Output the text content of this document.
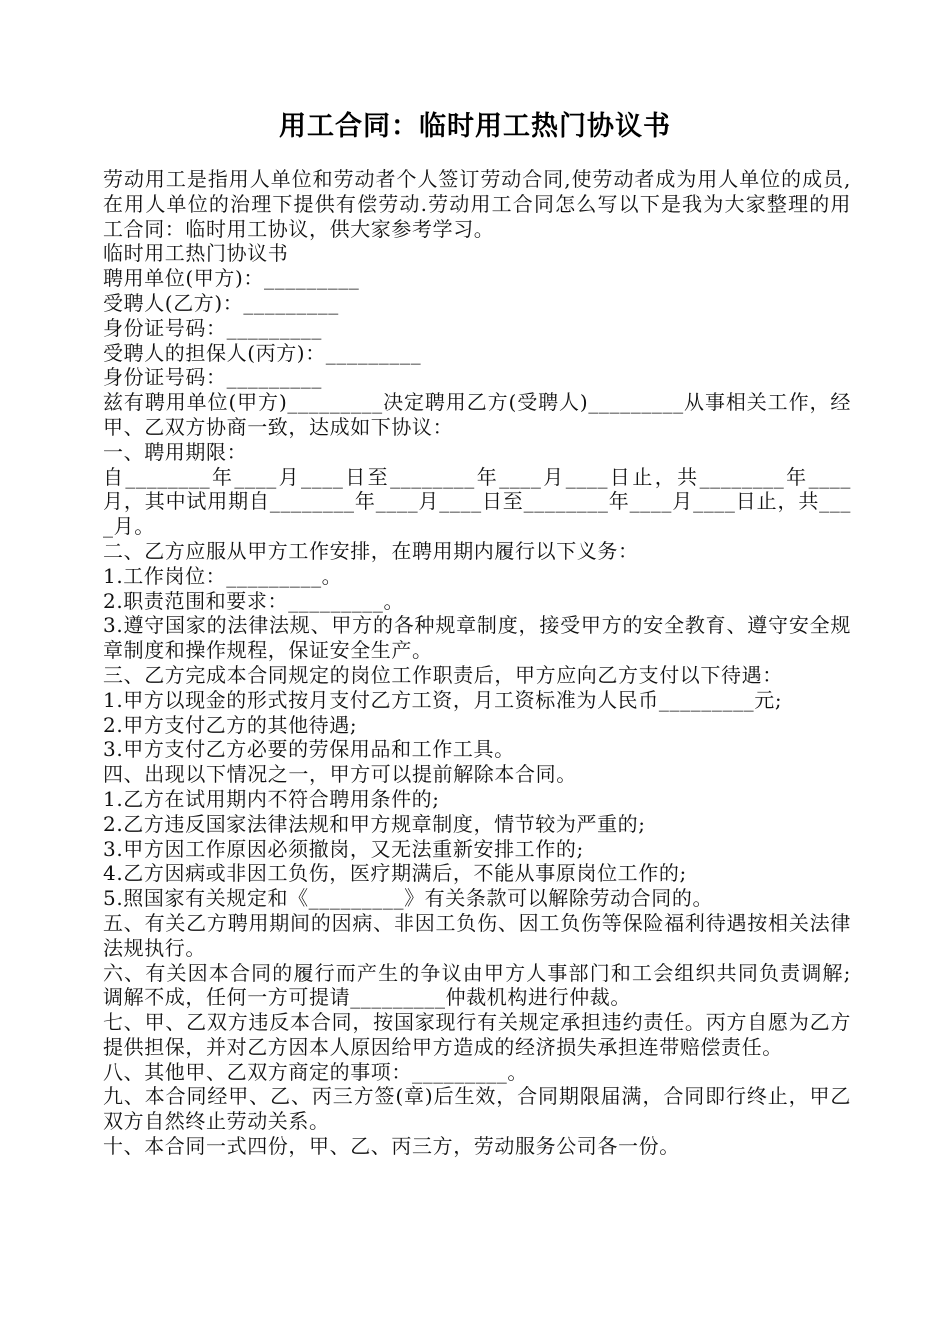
用工合同：临时用工热门协议书

劳动用工是指用人单位和劳动者个人签订劳动合同,使劳动者成为用人单位的成员,在用人单位的治理下提供有偿劳动.劳动用工合同怎么写以下是我为大家整理的用工合同：临时用工协议，供大家参考学习。

临时用工热门协议书

聘用单位(甲方)：_________

受聘人(乙方)：_________

身份证号码：_________

受聘人的担保人(丙方)：_________

身份证号码：_________

兹有聘用单位(甲方)_________决定聘用乙方(受聘人)_________从事相关工作，经甲、乙双方协商一致，达成如下协议：

一、聘用期限：

自________年____月____日至________年____月____日止，共________年____月，其中试用期自________年____月____日至________年____月____日止，共____月。

二、乙方应服从甲方工作安排，在聘用期内履行以下义务：

1.工作岗位：_________。

2.职责范围和要求：_________。

3.遵守国家的法律法规、甲方的各种规章制度，接受甲方的安全教育、遵守安全规章制度和操作规程，保证安全生产。

三、乙方完成本合同规定的岗位工作职责后，甲方应向乙方支付以下待遇：

1.甲方以现金的形式按月支付乙方工资，月工资标准为人民币_________元;

2.甲方支付乙方的其他待遇;

3.甲方支付乙方必要的劳保用品和工作工具。

四、出现以下情况之一，甲方可以提前解除本合同。

1.乙方在试用期内不符合聘用条件的;

2.乙方违反国家法律法规和甲方规章制度，情节较为严重的;

3.甲方因工作原因必须撤岗，又无法重新安排工作的;

4.乙方因病或非因工负伤，医疗期满后，不能从事原岗位工作的;

5.照国家有关规定和《_________》有关条款可以解除劳动合同的。

五、有关乙方聘用期间的因病、非因工负伤、因工负伤等保险福利待遇按相关法律法规执行。

六、有关因本合同的履行而产生的争议由甲方人事部门和工会组织共同负责调解;调解不成，任何一方可提请_________仲裁机构进行仲裁。

七、甲、乙双方违反本合同，按国家现行有关规定承担违约责任。丙方自愿为乙方提供担保，并对乙方因本人原因给甲方造成的经济损失承担连带赔偿责任。

八、其他甲、乙双方商定的事项：_________。

九、本合同经甲、乙、丙三方签(章)后生效，合同期限届满，合同即行终止，甲乙双方自然终止劳动关系。

十、本合同一式四份，甲、乙、丙三方，劳动服务公司各一份。
